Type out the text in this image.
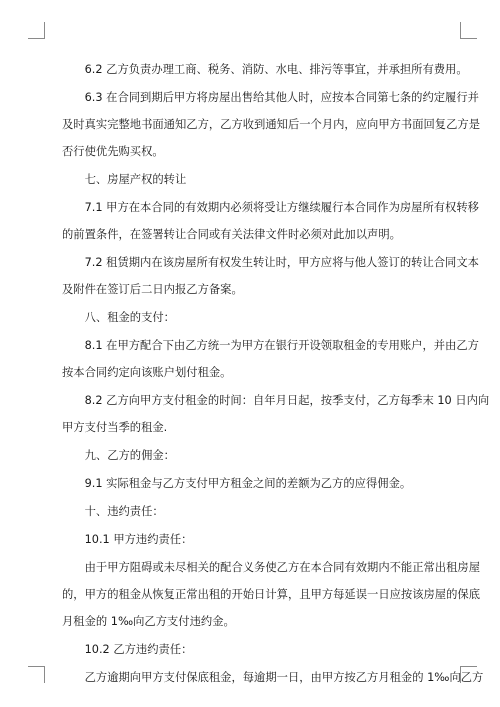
　　6.2 乙方负责办理工商、税务、消防、水电、排污等事宜，并承担所有费用。
　　6.3 在合同到期后甲方将房屋出售给其他人时，应按本合同第七条的约定履行并
及时真实完整地书面通知乙方，乙方收到通知后一个月内，应向甲方书面回复乙方是
否行使优先购买权。
　　七、房屋产权的转让
　　7.1 甲方在本合同的有效期内必须将受让方继续履行本合同作为房屋所有权转移
的前置条件，在签署转让合同或有关法律文件时必须对此加以声明。
　　7.2 租赁期内在该房屋所有权发生转让时，甲方应将与他人签订的转让合同文本
及附件在签订后二日内报乙方备案。
　　八、租金的支付：
　　8.1 在甲方配合下由乙方统一为甲方在银行开设领取租金的专用账户，并由乙方
按本合同约定向该账户划付租金。
　　8.2 乙方向甲方支付租金的时间：自年月日起，按季支付，乙方每季末 10 日内向
甲方支付当季的租金.
　　九、乙方的佣金：
　　9.1 实际租金与乙方支付甲方租金之间的差额为乙方的应得佣金。
　　十、违约责任：
　　10.1 甲方违约责任：
　　由于甲方阻碍或未尽相关的配合义务使乙方在本合同有效期内不能正常出租房屋
的，甲方的租金从恢复正常出租的开始日计算，且甲方每延误一日应按该房屋的保底
月租金的 1‰向乙方支付违约金。
　　10.2 乙方违约责任：
　　乙方逾期向甲方支付保底租金，每逾期一日，由甲方按乙方月租金的 1‰向乙方
